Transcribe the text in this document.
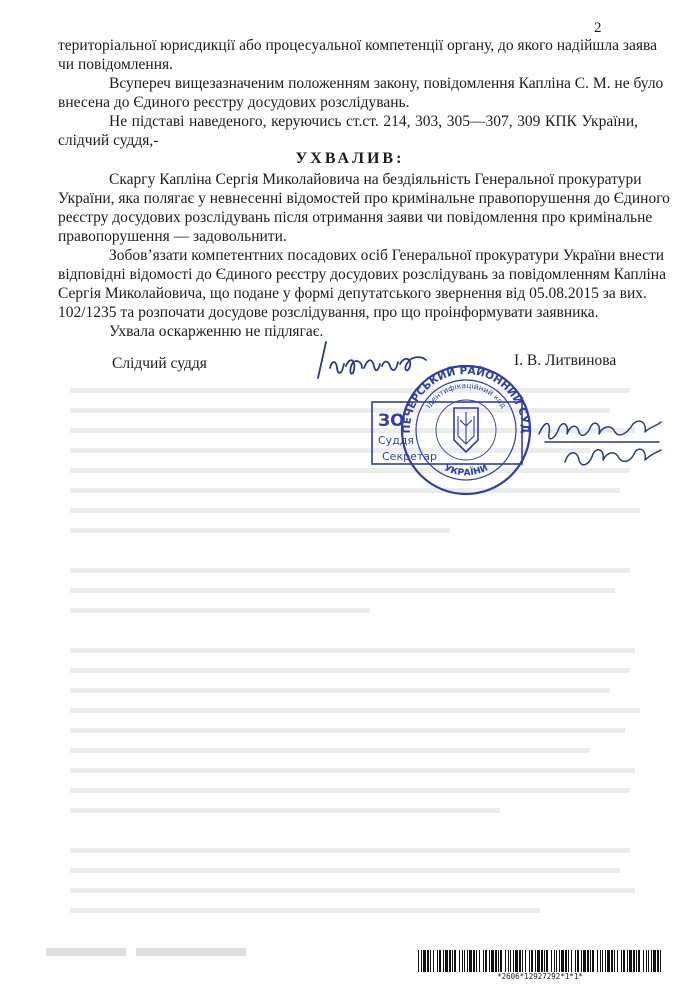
2
територіальної юрисдикції або процесуальної компетенції органу, до якого надійшла заява
чи повідомлення.
Всупереч вищезазначеним положенням закону, повідомлення Капліна С. М. не було
внесена до Єдиного реєстру досудових розслідувань.
Не підставі наведеного, керуючись ст.ст. 214, 303, 305—307, 309 КПК України,
слідчий суддя,-
УХВАЛИВ:
Скаргу Капліна Сергія Миколайовича на бездіяльність Генеральної прокуратури
України, яка полягає у невнесенні відомостей про кримінальне правопорушення до Єдиного
реєстру досудових розслідувань після отримання заяви чи повідомлення про кримінальне
правопорушення — задовольнити.
Зобов’язати компетентних посадових осіб Генеральної прокуратури України внести
відповідні відомості до Єдиного реєстру досудових розслідувань за повідомленням Капліна
Сергія Миколайовича, що подане у формі депутатського звернення від 05.08.2015 за вих.
102/1235 та розпочати досудове розслідування, про що проінформувати заявника.
Ухвала оскарженню не підлягає.
Слідчий суддя	І. В. Литвинова
ПЕЧЕРСЬКИЙ РАЙОННИЙ СУД
Ідентифікаційний код
УКРАЇНИ
ЗО
Суддя
Секретар
*2606*12927292*1*1*
